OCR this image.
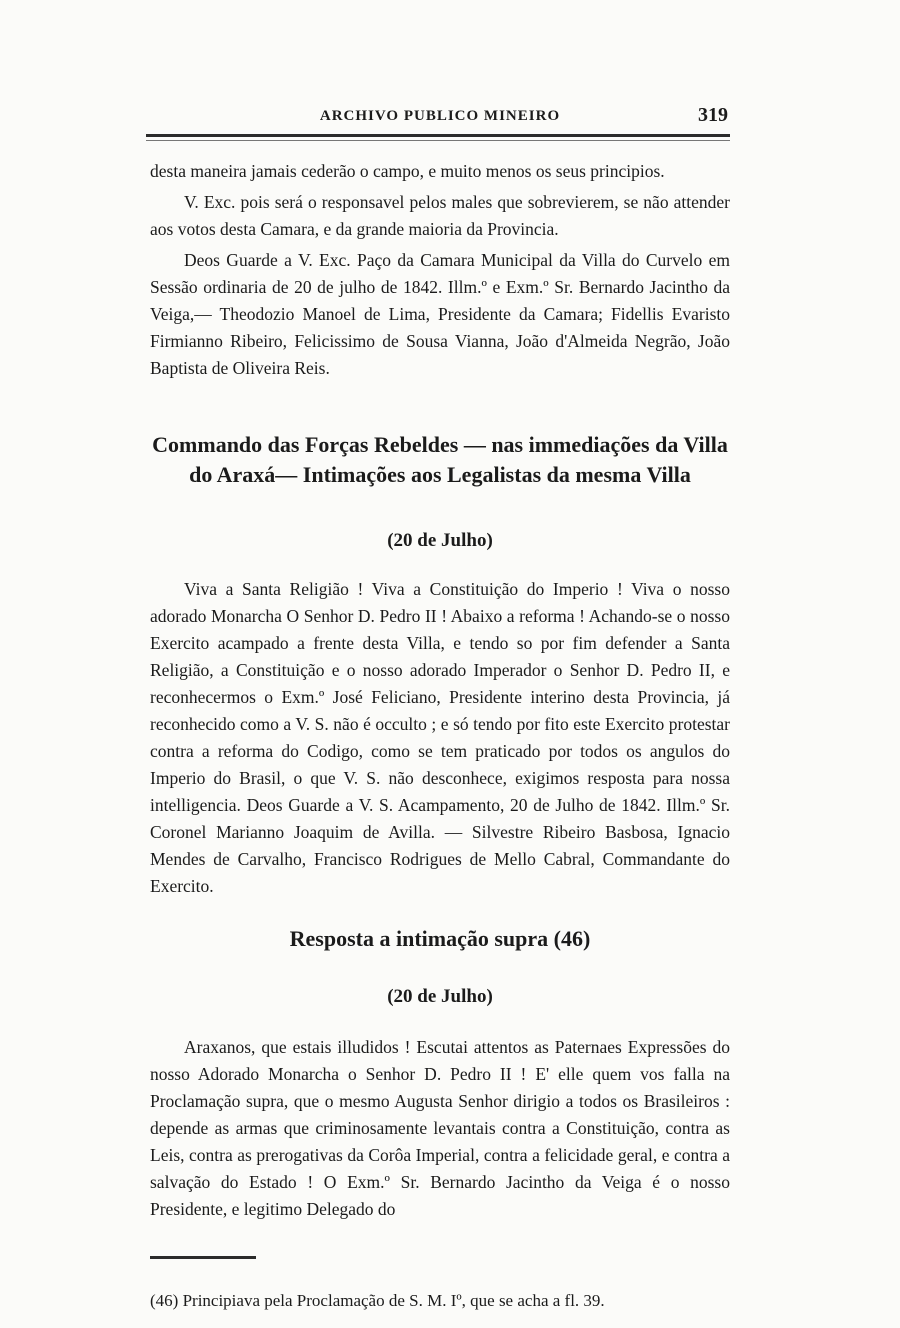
ARCHIVO PUBLICO MINEIRO	319

desta maneira jamais cederão o campo, e muito menos os seus principios.

V. Exc. pois será o responsavel pelos males que sobrevierem, se não attender aos votos desta Camara, e da grande maioria da Provincia.

Deos Guarde a V. Exc. Paço da Camara Municipal da Villa do Curvelo em Sessão ordinaria de 20 de julho de 1842. Illm.º e Exm.º Sr. Bernardo Jacintho da Veiga,— Theodozio Manoel de Lima, Presidente da Camara; Fidellis Evaristo Firmianno Ribeiro, Felicissimo de Sousa Vianna, João d'Almeida Negrão, João Baptista de Oliveira Reis.

Commando das Forças Rebeldes — nas immediações da Villa
do Araxá— Intimações aos Legalistas da mesma Villa
(20 de Julho)

Viva a Santa Religião ! Viva a Constituição do Imperio ! Viva o nosso adorado Monarcha O Senhor D. Pedro II ! Abaixo a reforma ! Achando-se o nosso Exercito acampado a frente desta Villa, e tendo so por fim defender a Santa Religião, a Constituição e o nosso adorado Imperador o Senhor D. Pedro II, e reconhecermos o Exm.º José Feliciano, Presidente interino desta Provincia, já reconhecido como a V. S. não é occulto ; e só tendo por fito este Exercito protestar contra a reforma do Codigo, como se tem praticado por todos os angulos do Imperio do Brasil, o que V. S. não desconhece, exigimos resposta para nossa intelligencia. Deos Guarde a V. S. Acampamento, 20 de Julho de 1842. Illm.º Sr. Coronel Marianno Joaquim de Avilla. — Silvestre Ribeiro Basbosa, Ignacio Mendes de Carvalho, Francisco Rodrigues de Mello Cabral, Commandante do Exercito.

Resposta a intimação supra (46)
(20 de Julho)

Araxanos, que estais illudidos ! Escutai attentos as Paternaes Expressões do nosso Adorado Monarcha o Senhor D. Pedro II ! E' elle quem vos falla na Proclamação supra, que o mesmo Augusta Senhor dirigio a todos os Brasileiros : depende as armas que criminosamente levantais contra a Constituição, contra as Leis, contra as prerogativas da Corôa Imperial, contra a felicidade geral, e contra a salvação do Estado ! O Exm.º Sr. Bernardo Jacintho da Veiga é o nosso Presidente, e legitimo Delegado do

(46) Principiava pela Proclamação de S. M. Iº, que se acha a fl. 39.
